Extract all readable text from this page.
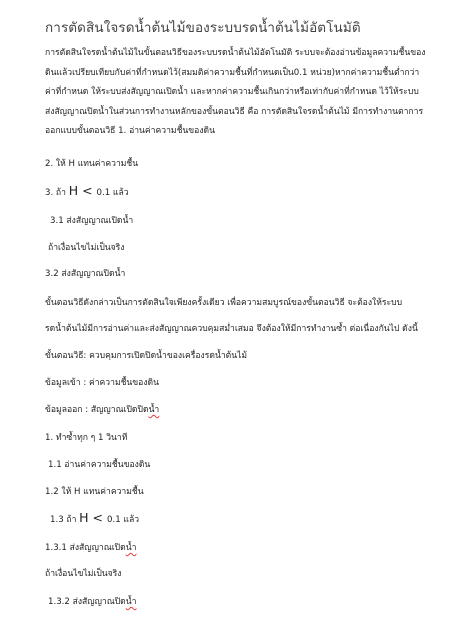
การตัดสินใจรดน้ำต้นไม้ของระบบรดน้ำต้นไม้อัตโนมัติ
การตัดสินใจรดน้ำต้นไม้ในขั้นตอนวิธีของระบบรดน้ำต้นไม้อัตโนมัติ ระบบจะต้องอ่านข้อมูลความชื้นของ
ดินแล้วเปรียบเทียบกับค่าที่กำหนดไว้(สมมติค่าความชื้นที่กำหนดเป็น0.1 หน่วย)หากค่าความชื้นต่ำกว่า
ค่าที่กำหนด ให้ระบบส่งสัญญาณเปิดน้ำ และหากค่าความชื้นเกินกว่าหรือเท่ากับค่าที่กำหนด ไว้ให้ระบบ
ส่งสัญญาณปิดน้ำในส่วนการทำงานหลักของขั้นตอนวิธี คือ การตัดสินใจรดน้ำต้นไม้ มีการทำงานตาการ
ออกแบบขั้นตอนวิธี 1. อ่านค่าความชื้นของดิน
2. ให้ H แทนค่าความชื้น
3. ถ้า H < 0.1 แล้ว
3.1 ส่งสัญญาณเปิดน้ำ
ถ้าเงื่อนไขไม่เป็นจริง
3.2 ส่งสัญญาณปิดน้ำ
ขั้นตอนวิธีดังกล่าวเป็นการตัดสินใจเพียงครั้งเดียว เพื่อความสมบูรณ์ของขั้นตอนวิธี จะต้องให้ระบบ
รดน้ำต้นไม้มีการอ่านค่าและส่งสัญญาณควบคุมสม่ำเสมอ จึงต้องให้มีการทำงานซ้ำ ต่อเนื่องกันไป ดังนี้
ขั้นตอนวิธี: ควบคุมการเปิดปิดน้ำของเครื่องรดน้ำต้นไม้
ข้อมูลเข้า : ค่าความชื้นของดิน
ข้อมูลออก : สัญญาณเปิดปิดน้ำ
1. ทำซ้ำทุก ๆ 1 วินาที
1.1 อ่านค่าความชื้นของดิน
1.2 ให้ H แทนค่าความชื้น
1.3 ถ้า H < 0.1 แล้ว
1.3.1 ส่งสัญญาณเปิดน้ำ
ถ้าเงื่อนไขไม่เป็นจริง
1.3.2 ส่งสัญญาณปิดน้ำ
